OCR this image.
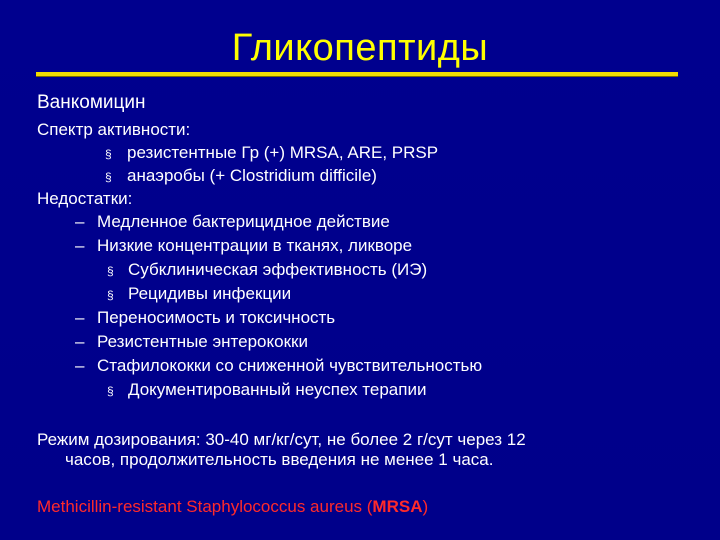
Гликопептиды
Ванкомицин
Спектр активности:
§ резистентные Гр (+) MRSA, ARE, PRSP
§ анаэробы (+ Clostridium difficile)
Недостатки:
– Медленное бактерицидное действие
– Низкие концентрации в тканях, ликворе
§ Субклиническая эффективность (ИЭ)
§ Рецидивы инфекции
– Переносимость и токсичность
– Резистентные энтерококки
– Стафилококки со сниженной чувствительностью
§ Документированный неуспех терапии
Режим дозирования: 30-40 мг/кг/сут, не более 2 г/сут через 12
часов, продолжительность введения не менее 1 часа.
Methicillin-resistant Staphylococcus aureus (MRSA)
